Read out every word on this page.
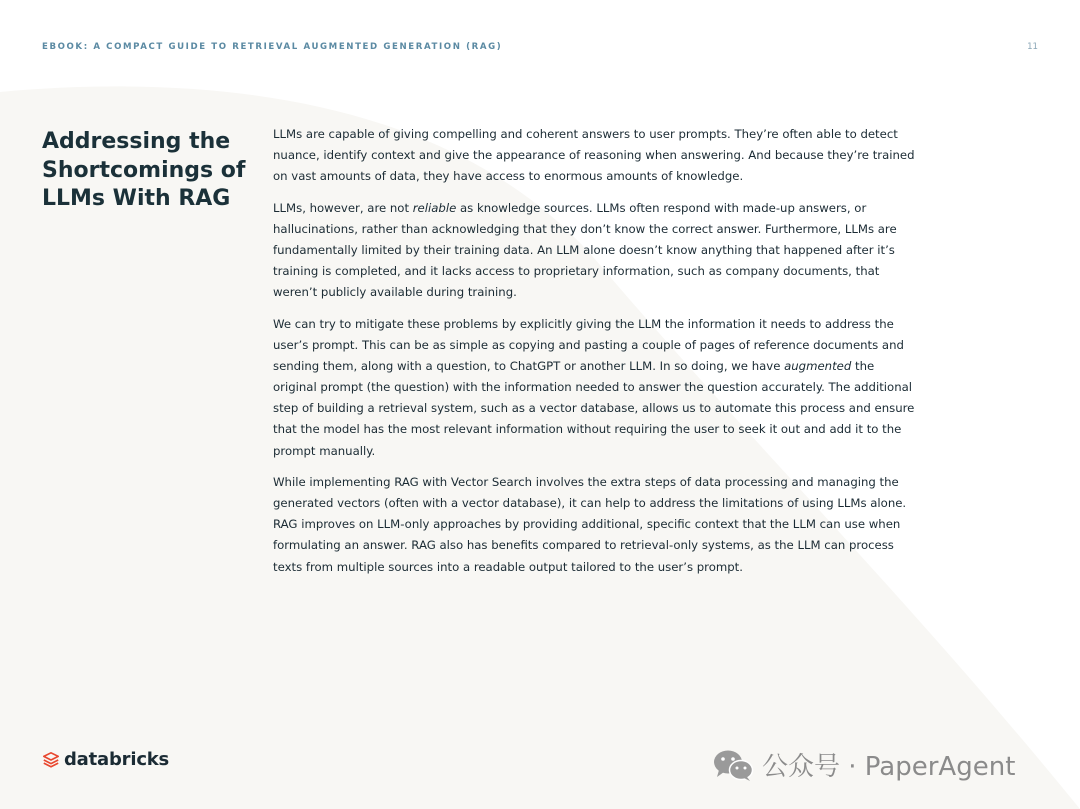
EBOOK: A COMPACT GUIDE TO RETRIEVAL AUGMENTED GENERATION (RAG)	11
Addressing the Shortcomings of LLMs With RAG

LLMs are capable of giving compelling and coherent answers to user prompts. They’re often able to detect nuance, identify context and give the appearance of reasoning when answering. And because they’re trained on vast amounts of data, they have access to enormous amounts of knowledge.

LLMs, however, are not reliable as knowledge sources. LLMs often respond with made-up answers, or hallucinations, rather than acknowledging that they don’t know the correct answer. Furthermore, LLMs are fundamentally limited by their training data. An LLM alone doesn’t know anything that happened after it’s training is completed, and it lacks access to proprietary information, such as company documents, that weren’t publicly available during training.

We can try to mitigate these problems by explicitly giving the LLM the information it needs to address the user’s prompt. This can be as simple as copying and pasting a couple of pages of reference documents and sending them, along with a question, to ChatGPT or another LLM. In so doing, we have augmented the original prompt (the question) with the information needed to answer the question accurately. The additional step of building a retrieval system, such as a vector database, allows us to automate this process and ensure that the model has the most relevant information without requiring the user to seek it out and add it to the prompt manually.

While implementing RAG with Vector Search involves the extra steps of data processing and managing the generated vectors (often with a vector database), it can help to address the limitations of using LLMs alone. RAG improves on LLM-only approaches by providing additional, specific context that the LLM can use when formulating an answer. RAG also has benefits compared to retrieval-only systems, as the LLM can process texts from multiple sources into a readable output tailored to the user’s prompt.

databricks	公众号 · PaperAgent
